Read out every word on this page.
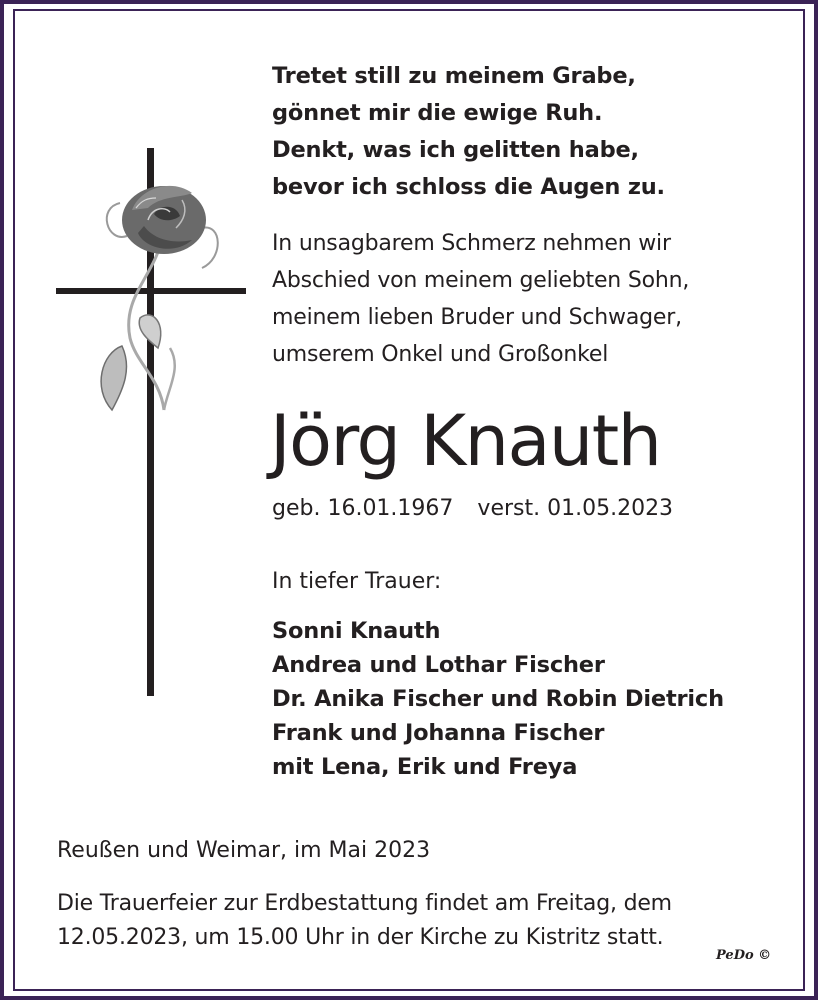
Tretet still zu meinem Grabe,
gönnet mir die ewige Ruh.
Denkt, was ich gelitten habe,
bevor ich schloss die Augen zu.
In unsagbarem Schmerz nehmen wir
Abschied von meinem geliebten Sohn,
meinem lieben Bruder und Schwager,
umserem Onkel und Großonkel
Jörg Knauth
geb. 16.01.1967 verst. 01.05.2023
In tiefer Trauer:
Sonni Knauth
Andrea und Lothar Fischer
Dr. Anika Fischer und Robin Dietrich
Frank und Johanna Fischer
mit Lena, Erik und Freya
Reußen und Weimar, im Mai 2023
Die Trauerfeier zur Erdbestattung findet am Freitag, dem 12.05.2023, um 15.00 Uhr in der Kirche zu Kistritz statt.
PeDo ©
